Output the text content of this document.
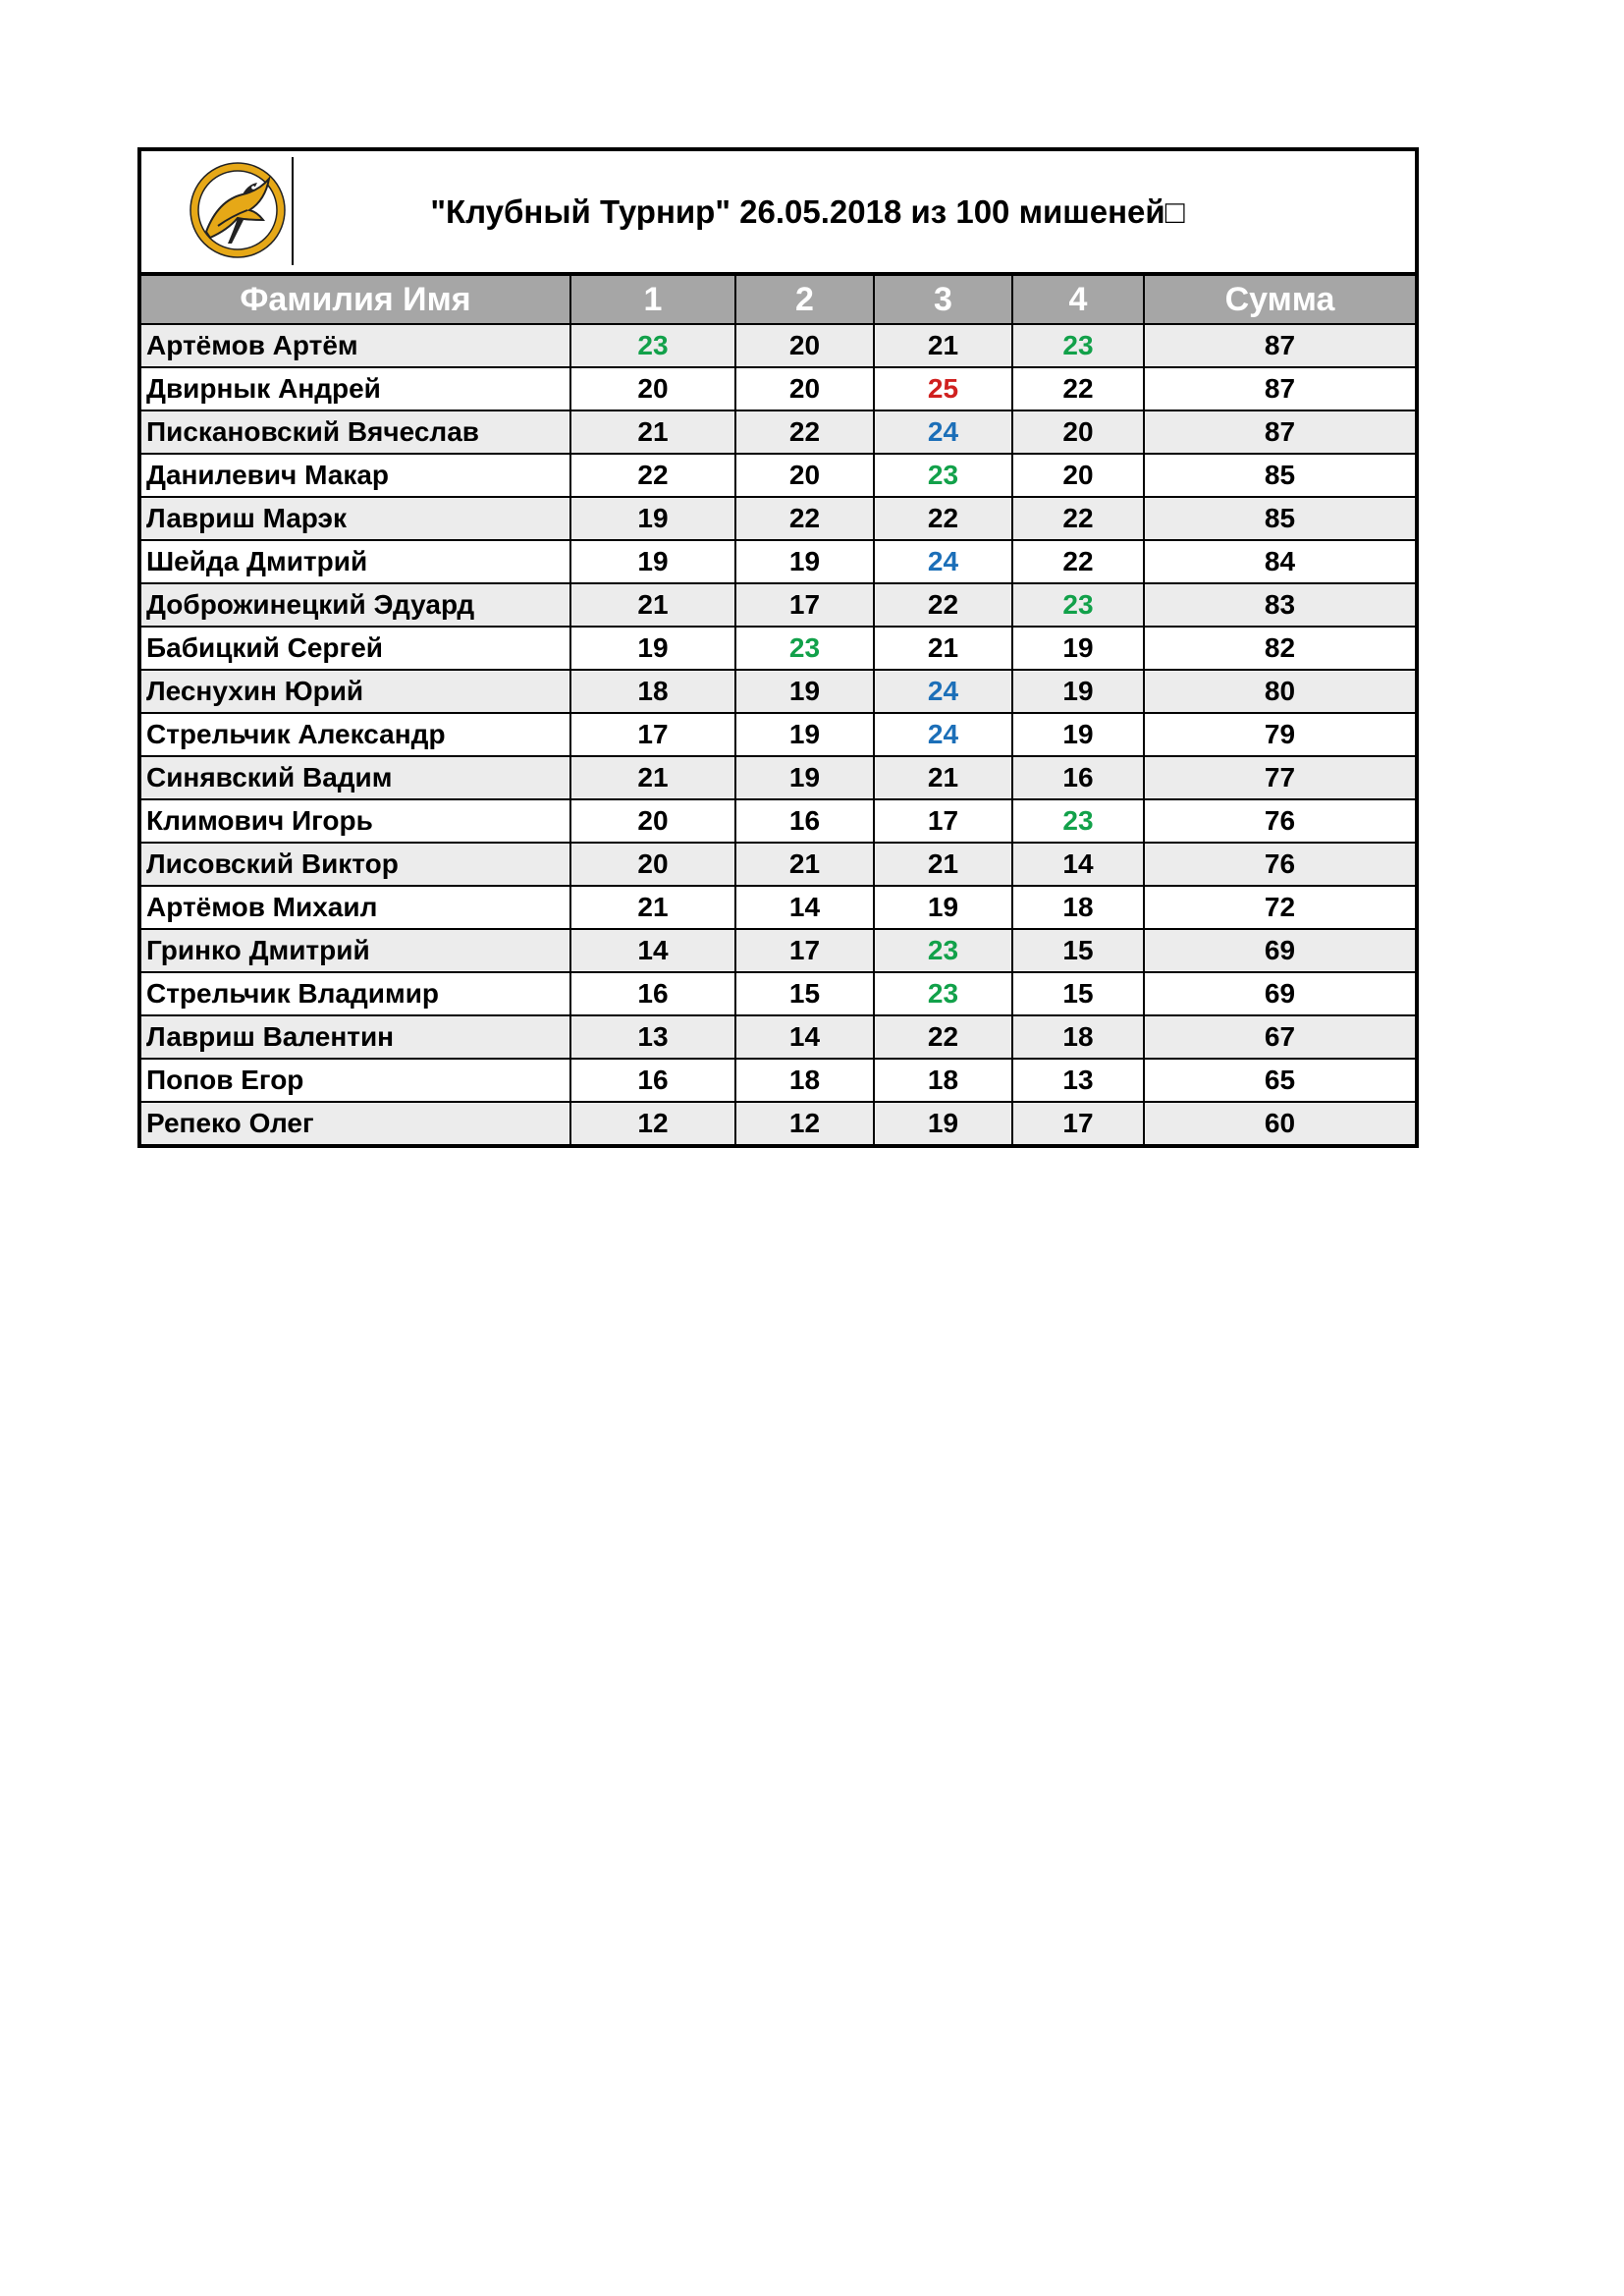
"Клубный Турнир" 26.05.2018 из 100 мишеней□
Фамилия Имя	1	2	3	4	Сумма
Артёмов Артём	23	20	21	23	87
Двирнык Андрей	20	20	25	22	87
Пискановский Вячеслав	21	22	24	20	87
Данилевич Макар	22	20	23	20	85
Лавриш Марэк	19	22	22	22	85
Шейда Дмитрий	19	19	24	22	84
Доброжинецкий Эдуард	21	17	22	23	83
Бабицкий Сергей	19	23	21	19	82
Леснухин Юрий	18	19	24	19	80
Стрельчик Александр	17	19	24	19	79
Синявский Вадим	21	19	21	16	77
Климович Игорь	20	16	17	23	76
Лисовский Виктор	20	21	21	14	76
Артёмов Михаил	21	14	19	18	72
Гринко Дмитрий	14	17	23	15	69
Стрельчик Владимир	16	15	23	15	69
Лавриш Валентин	13	14	22	18	67
Попов Егор	16	18	18	13	65
Репеко Олег	12	12	19	17	60
